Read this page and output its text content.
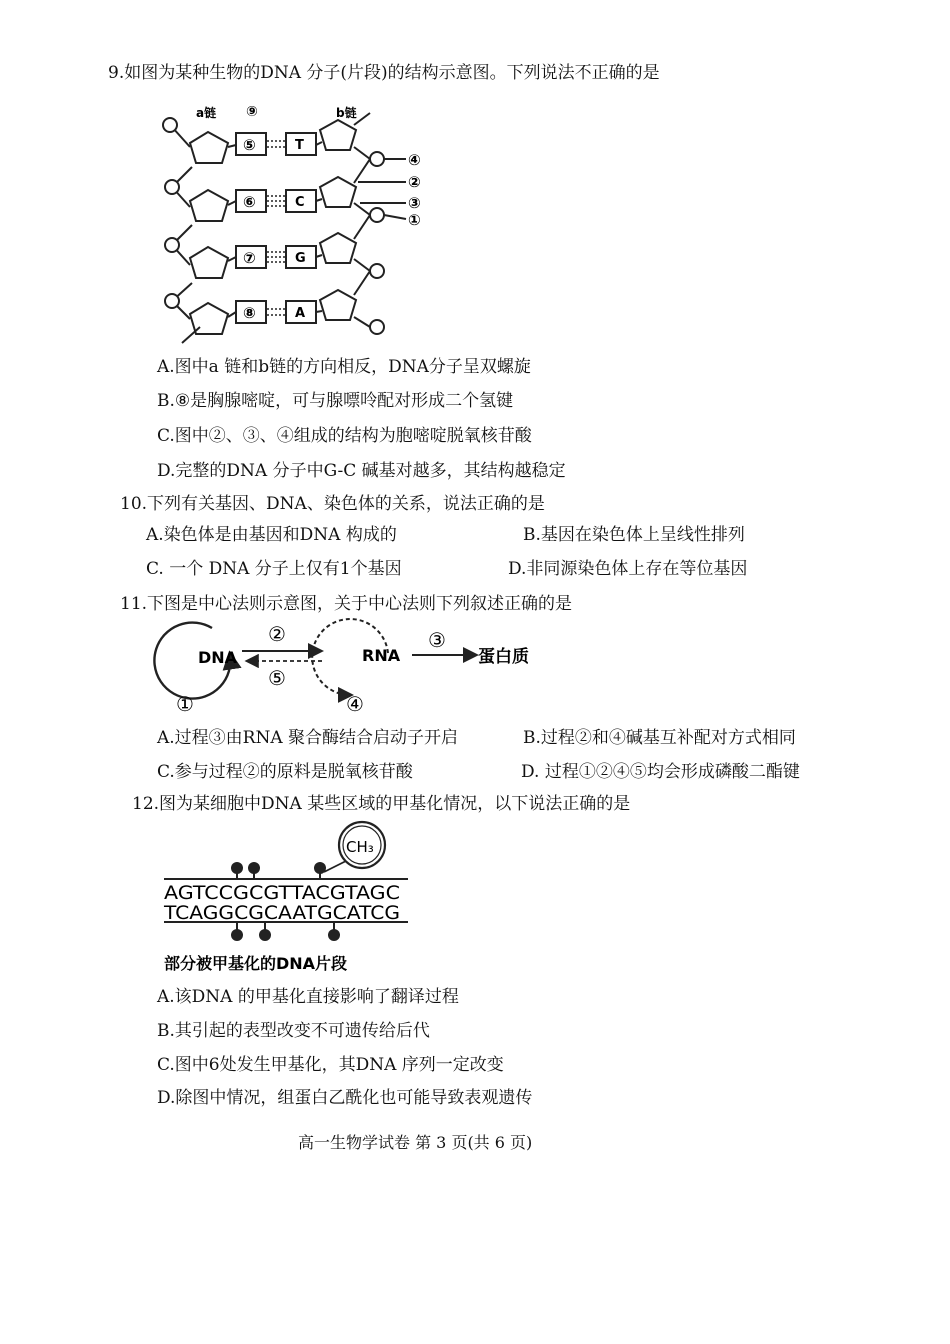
9.如图为某种生物的DNA 分子(片段)的结构示意图。下列说法不正确的是
a链	b链
⑨
⑤
⑥
⑦
⑧
T
C
G
A
④
②
③
①
A.图中a 链和b链的方向相反，DNA分子呈双螺旋
B.⑧是胸腺嘧啶，可与腺嘌呤配对形成二个氢键
C.图中②、③、④组成的结构为胞嘧啶脱氧核苷酸
D.完整的DNA 分子中G-C 碱基对越多，其结构越稳定
10.下列有关基因、DNA、染色体的关系，说法正确的是
A.染色体是由基因和DNA 构成的	B.基因在染色体上呈线性排列
C. 一个 DNA 分子上仅有1个基因	D.非同源染色体上存在等位基因
11.下图是中心法则示意图，关于中心法则下列叙述正确的是
DNA	RNA	蛋白质
①
②	③
④
⑤
A.过程③由RNA 聚合酶结合启动子开启	B.过程②和④碱基互补配对方式相同
C.参与过程②的原料是脱氧核苷酸	D. 过程①②④⑤均会形成磷酸二酯键
12.图为某细胞中DNA 某些区域的甲基化情况，以下说法正确的是
CH₃
AGTCCGCGTTACGTAGC
TCAGGCGCAATGCATCG
部分被甲基化的DNA片段
A.该DNA 的甲基化直接影响了翻译过程
B.其引起的表型改变不可遗传给后代
C.图中6处发生甲基化，其DNA 序列一定改变
D.除图中情况，组蛋白乙酰化也可能导致表观遗传
高一生物学试卷 第 3 页(共 6 页)
